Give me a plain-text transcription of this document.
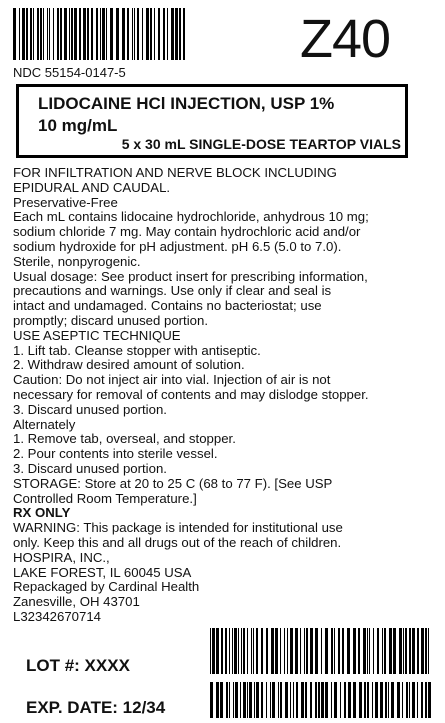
Z40
NDC 55154-0147-5
LIDOCAINE HCl INJECTION, USP 1%
10 mg/mL
5 x 30 mL SINGLE-DOSE TEARTOP VIALS
FOR INFILTRATION AND NERVE BLOCK INCLUDING
EPIDURAL AND CAUDAL.
Preservative-Free
Each mL contains lidocaine hydrochloride, anhydrous 10 mg;
sodium chloride 7 mg. May contain hydrochloric acid and/or
sodium hydroxide for pH adjustment. pH 6.5 (5.0 to 7.0).
Sterile, nonpyrogenic.
Usual dosage: See product insert for prescribing information,
precautions and warnings. Use only if clear and seal is
intact and undamaged. Contains no bacteriostat; use
promptly; discard unused portion.
USE ASEPTIC TECHNIQUE
1. Lift tab. Cleanse stopper with antiseptic.
2. Withdraw desired amount of solution.
Caution: Do not inject air into vial. Injection of air is not
necessary for removal of contents and may dislodge stopper.
3. Discard unused portion.
Alternately
1. Remove tab, overseal, and stopper.
2. Pour contents into sterile vessel.
3. Discard unused portion.
STORAGE: Store at 20 to 25 C (68 to 77 F). [See USP
Controlled Room Temperature.]
RX ONLY
WARNING: This package is intended for institutional use
only. Keep this and all drugs out of the reach of children.
HOSPIRA, INC.,
LAKE FOREST, IL 60045 USA
Repackaged by Cardinal Health
Zanesville, OH 43701
L32342670714
LOT #: XXXX
EXP. DATE: 12/34
